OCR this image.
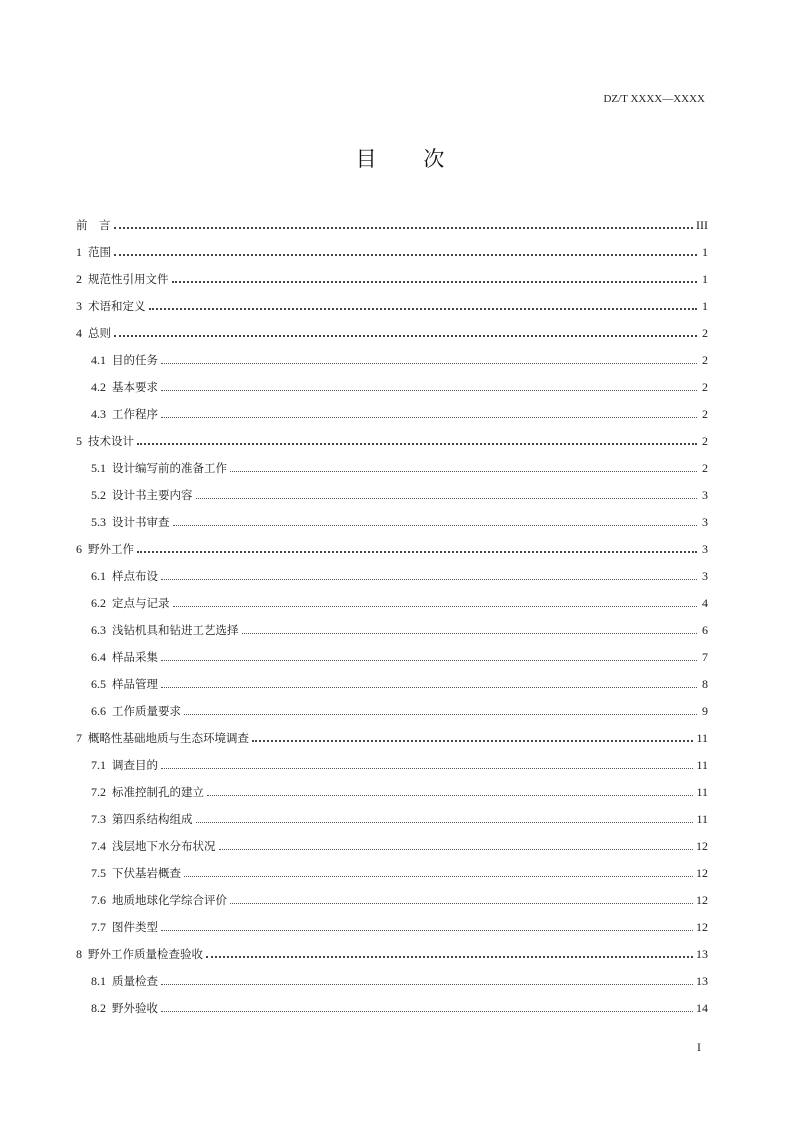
DZ/T XXXX—XXXX
目 次
前　言	III
1 范围	1
2 规范性引用文件	1
3 术语和定义	1
4 总则	2
4.1 目的任务	2
4.2 基本要求	2
4.3 工作程序	2
5 技术设计	2
5.1 设计编写前的准备工作	2
5.2 设计书主要内容	3
5.3 设计书审查	3
6 野外工作	3
6.1 样点布设	3
6.2 定点与记录	4
6.3 浅钻机具和钻进工艺选择	6
6.4 样品采集	7
6.5 样品管理	8
6.6 工作质量要求	9
7 概略性基础地质与生态环境调查	11
7.1 调查目的	11
7.2 标准控制孔的建立	11
7.3 第四系结构组成	11
7.4 浅层地下水分布状况	12
7.5 下伏基岩概查	12
7.6 地质地球化学综合评价	12
7.7 图件类型	12
8 野外工作质量检查验收	13
8.1 质量检查	13
8.2 野外验收	14
I
